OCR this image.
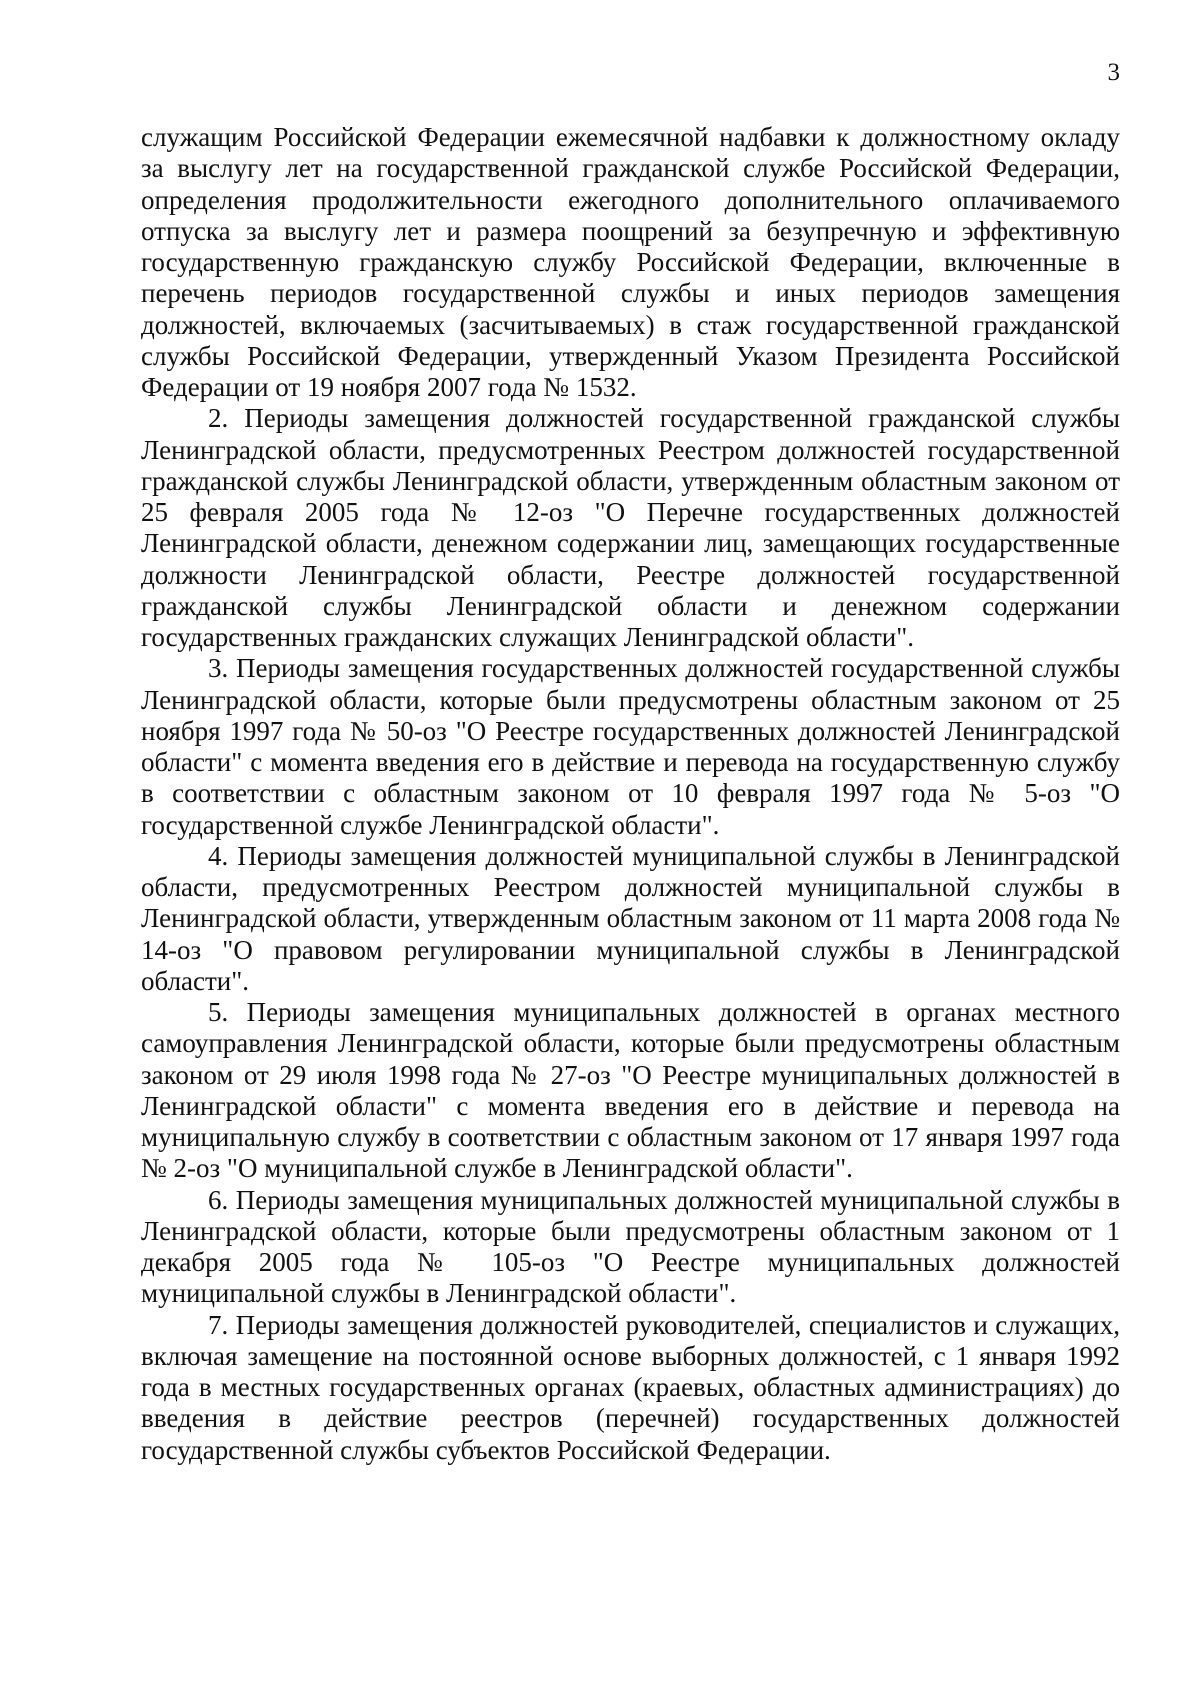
3

служащим Российской Федерации ежемесячной надбавки к должностному окладу за выслугу лет на государственной гражданской службе Российской Федерации, определения продолжительности ежегодного дополнительного оплачиваемого отпуска за выслугу лет и размера поощрений за безупречную и эффективную государственную гражданскую службу Российской Федерации, включенные в перечень периодов государственной службы и иных периодов замещения должностей, включаемых (засчитываемых) в стаж государственной гражданской службы Российской Федерации, утвержденный Указом Президента Российской Федерации от 19 ноября 2007 года № 1532.

2. Периоды замещения должностей государственной гражданской службы Ленинградской области, предусмотренных Реестром должностей государственной гражданской службы Ленинградской области, утвержденным областным законом от 25 февраля 2005 года № 12-оз "О Перечне государственных должностей Ленинградской области, денежном содержании лиц, замещающих государственные должности Ленинградской области, Реестре должностей государственной гражданской службы Ленинградской области и денежном содержании государственных гражданских служащих Ленинградской области".

3. Периоды замещения государственных должностей государственной службы Ленинградской области, которые были предусмотрены областным законом от 25 ноября 1997 года № 50-оз "О Реестре государственных должностей Ленинградской области" с момента введения его в действие и перевода на государственную службу в соответствии с областным законом от 10 февраля 1997 года № 5-оз "О государственной службе Ленинградской области".

4. Периоды замещения должностей муниципальной службы в Ленинградской области, предусмотренных Реестром должностей муниципальной службы в Ленинградской области, утвержденным областным законом от 11 марта 2008 года № 14-оз "О правовом регулировании муниципальной службы в Ленинградской области".

5. Периоды замещения муниципальных должностей в органах местного самоуправления Ленинградской области, которые были предусмотрены областным законом от 29 июля 1998 года № 27-оз "О Реестре муниципальных должностей в Ленинградской области" с момента введения его в действие и перевода на муниципальную службу в соответствии с областным законом от 17 января 1997 года № 2-оз "О муниципальной службе в Ленинградской области".

6. Периоды замещения муниципальных должностей муниципальной службы в Ленинградской области, которые были предусмотрены областным законом от 1 декабря 2005 года № 105-оз "О Реестре муниципальных должностей муниципальной службы в Ленинградской области".

7. Периоды замещения должностей руководителей, специалистов и служащих, включая замещение на постоянной основе выборных должностей, с 1 января 1992 года в местных государственных органах (краевых, областных администрациях) до введения в действие реестров (перечней) государственных должностей государственной службы субъектов Российской Федерации.
